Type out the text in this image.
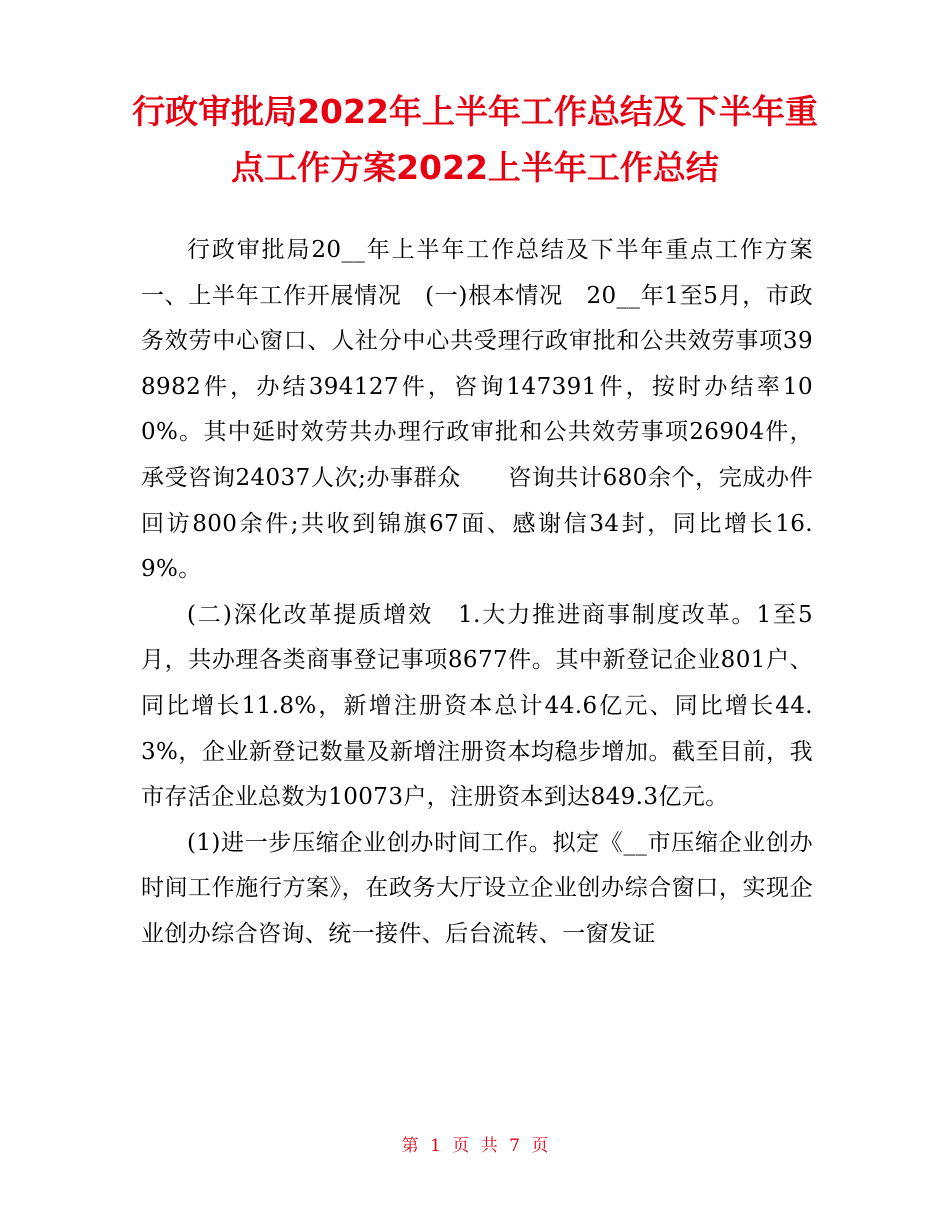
行政审批局2022年上半年工作总结及下半年重点工作方案2022上半年工作总结

行政审批局20__年上半年工作总结及下半年重点工作方案　一、上半年工作开展情况　(一)根本情况　20__年1至5月，市政务效劳中心窗口、人社分中心共受理行政审批和公共效劳事项398982件，办结394127件，咨询147391件，按时办结率100%。其中延时效劳共办理行政审批和公共效劳事项26904件，承受咨询24037人次;办事群众　　咨询共计680余个，完成办件回访800余件;共收到锦旗67面、感谢信34封，同比增长16.9%。

(二)深化改革提质增效　1.大力推进商事制度改革。1至5月，共办理各类商事登记事项8677件。其中新登记企业801户、同比增长11.8%，新增注册资本总计44.6亿元、同比增长44.3%，企业新登记数量及新增注册资本均稳步增加。截至目前，我市存活企业总数为10073户，注册资本到达849.3亿元。

(1)进一步压缩企业创办时间工作。拟定《__市压缩企业创办时间工作施行方案》，在政务大厅设立企业创办综合窗口，实现企业创办综合咨询、统一接件、后台流转、一窗发证

第 1 页 共 7 页
